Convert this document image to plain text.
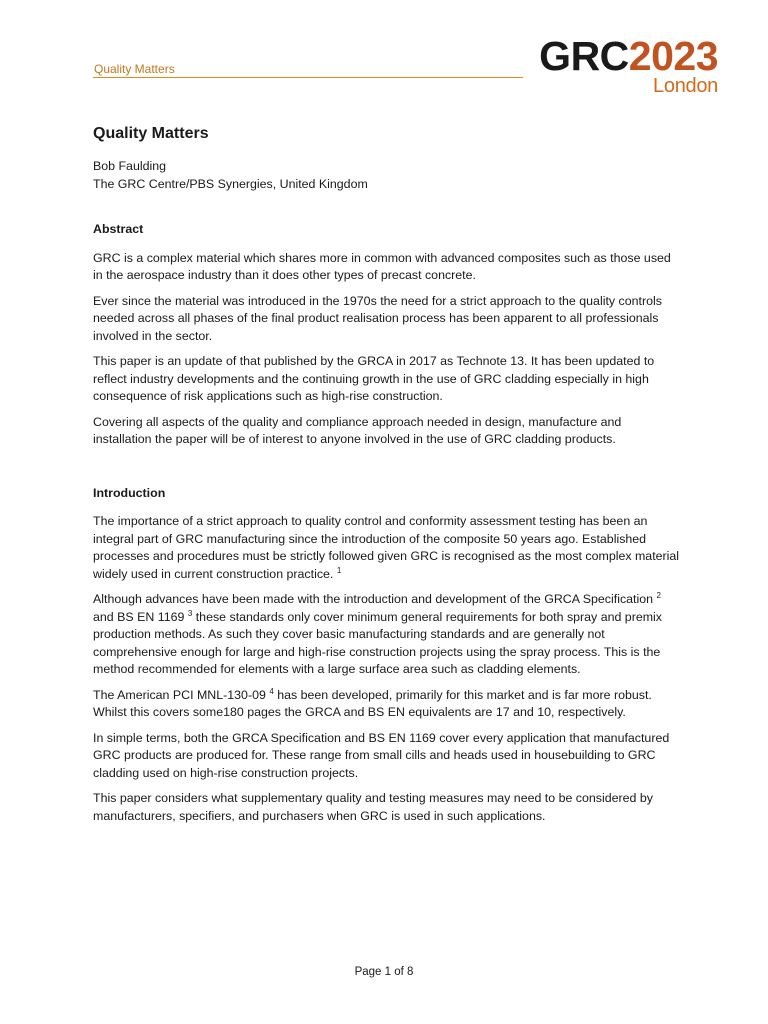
Quality Matters	GRC2023
London
Quality Matters

Bob Faulding

The GRC Centre/PBS Synergies, United Kingdom

Abstract

GRC is a complex material which shares more in common with advanced composites such as those used in the aerospace industry than it does other types of precast concrete.

Ever since the material was introduced in the 1970s the need for a strict approach to the quality controls needed across all phases of the final product realisation process has been apparent to all professionals involved in the sector.

This paper is an update of that published by the GRCA in 2017 as Technote 13. It has been updated to reflect industry developments and the continuing growth in the use of GRC cladding especially in high consequence of risk applications such as high-rise construction.

Covering all aspects of the quality and compliance approach needed in design, manufacture and installation the paper will be of interest to anyone involved in the use of GRC cladding products.

Introduction

The importance of a strict approach to quality control and conformity assessment testing has been an integral part of GRC manufacturing since the introduction of the composite 50 years ago. Established processes and procedures must be strictly followed given GRC is recognised as the most complex material widely used in current construction practice. $^1$

Although advances have been made with the introduction and development of the GRCA Specification $^2$ and BS EN 1169 $^3$ these standards only cover minimum general requirements for both spray and premix production methods. As such they cover basic manufacturing standards and are generally not comprehensive enough for large and high-rise construction projects using the spray process. This is the method recommended for elements with a large surface area such as cladding elements.

The American PCI MNL-130-09 $^4$ has been developed, primarily for this market and is far more robust. Whilst this covers some180 pages the GRCA and BS EN equivalents are 17 and 10, respectively.

In simple terms, both the GRCA Specification and BS EN 1169 cover every application that manufactured GRC products are produced for. These range from small cills and heads used in housebuilding to GRC cladding used on high-rise construction projects.

This paper considers what supplementary quality and testing measures may need to be considered by manufacturers, specifiers, and purchasers when GRC is used in such applications.

Page 1 of 8
